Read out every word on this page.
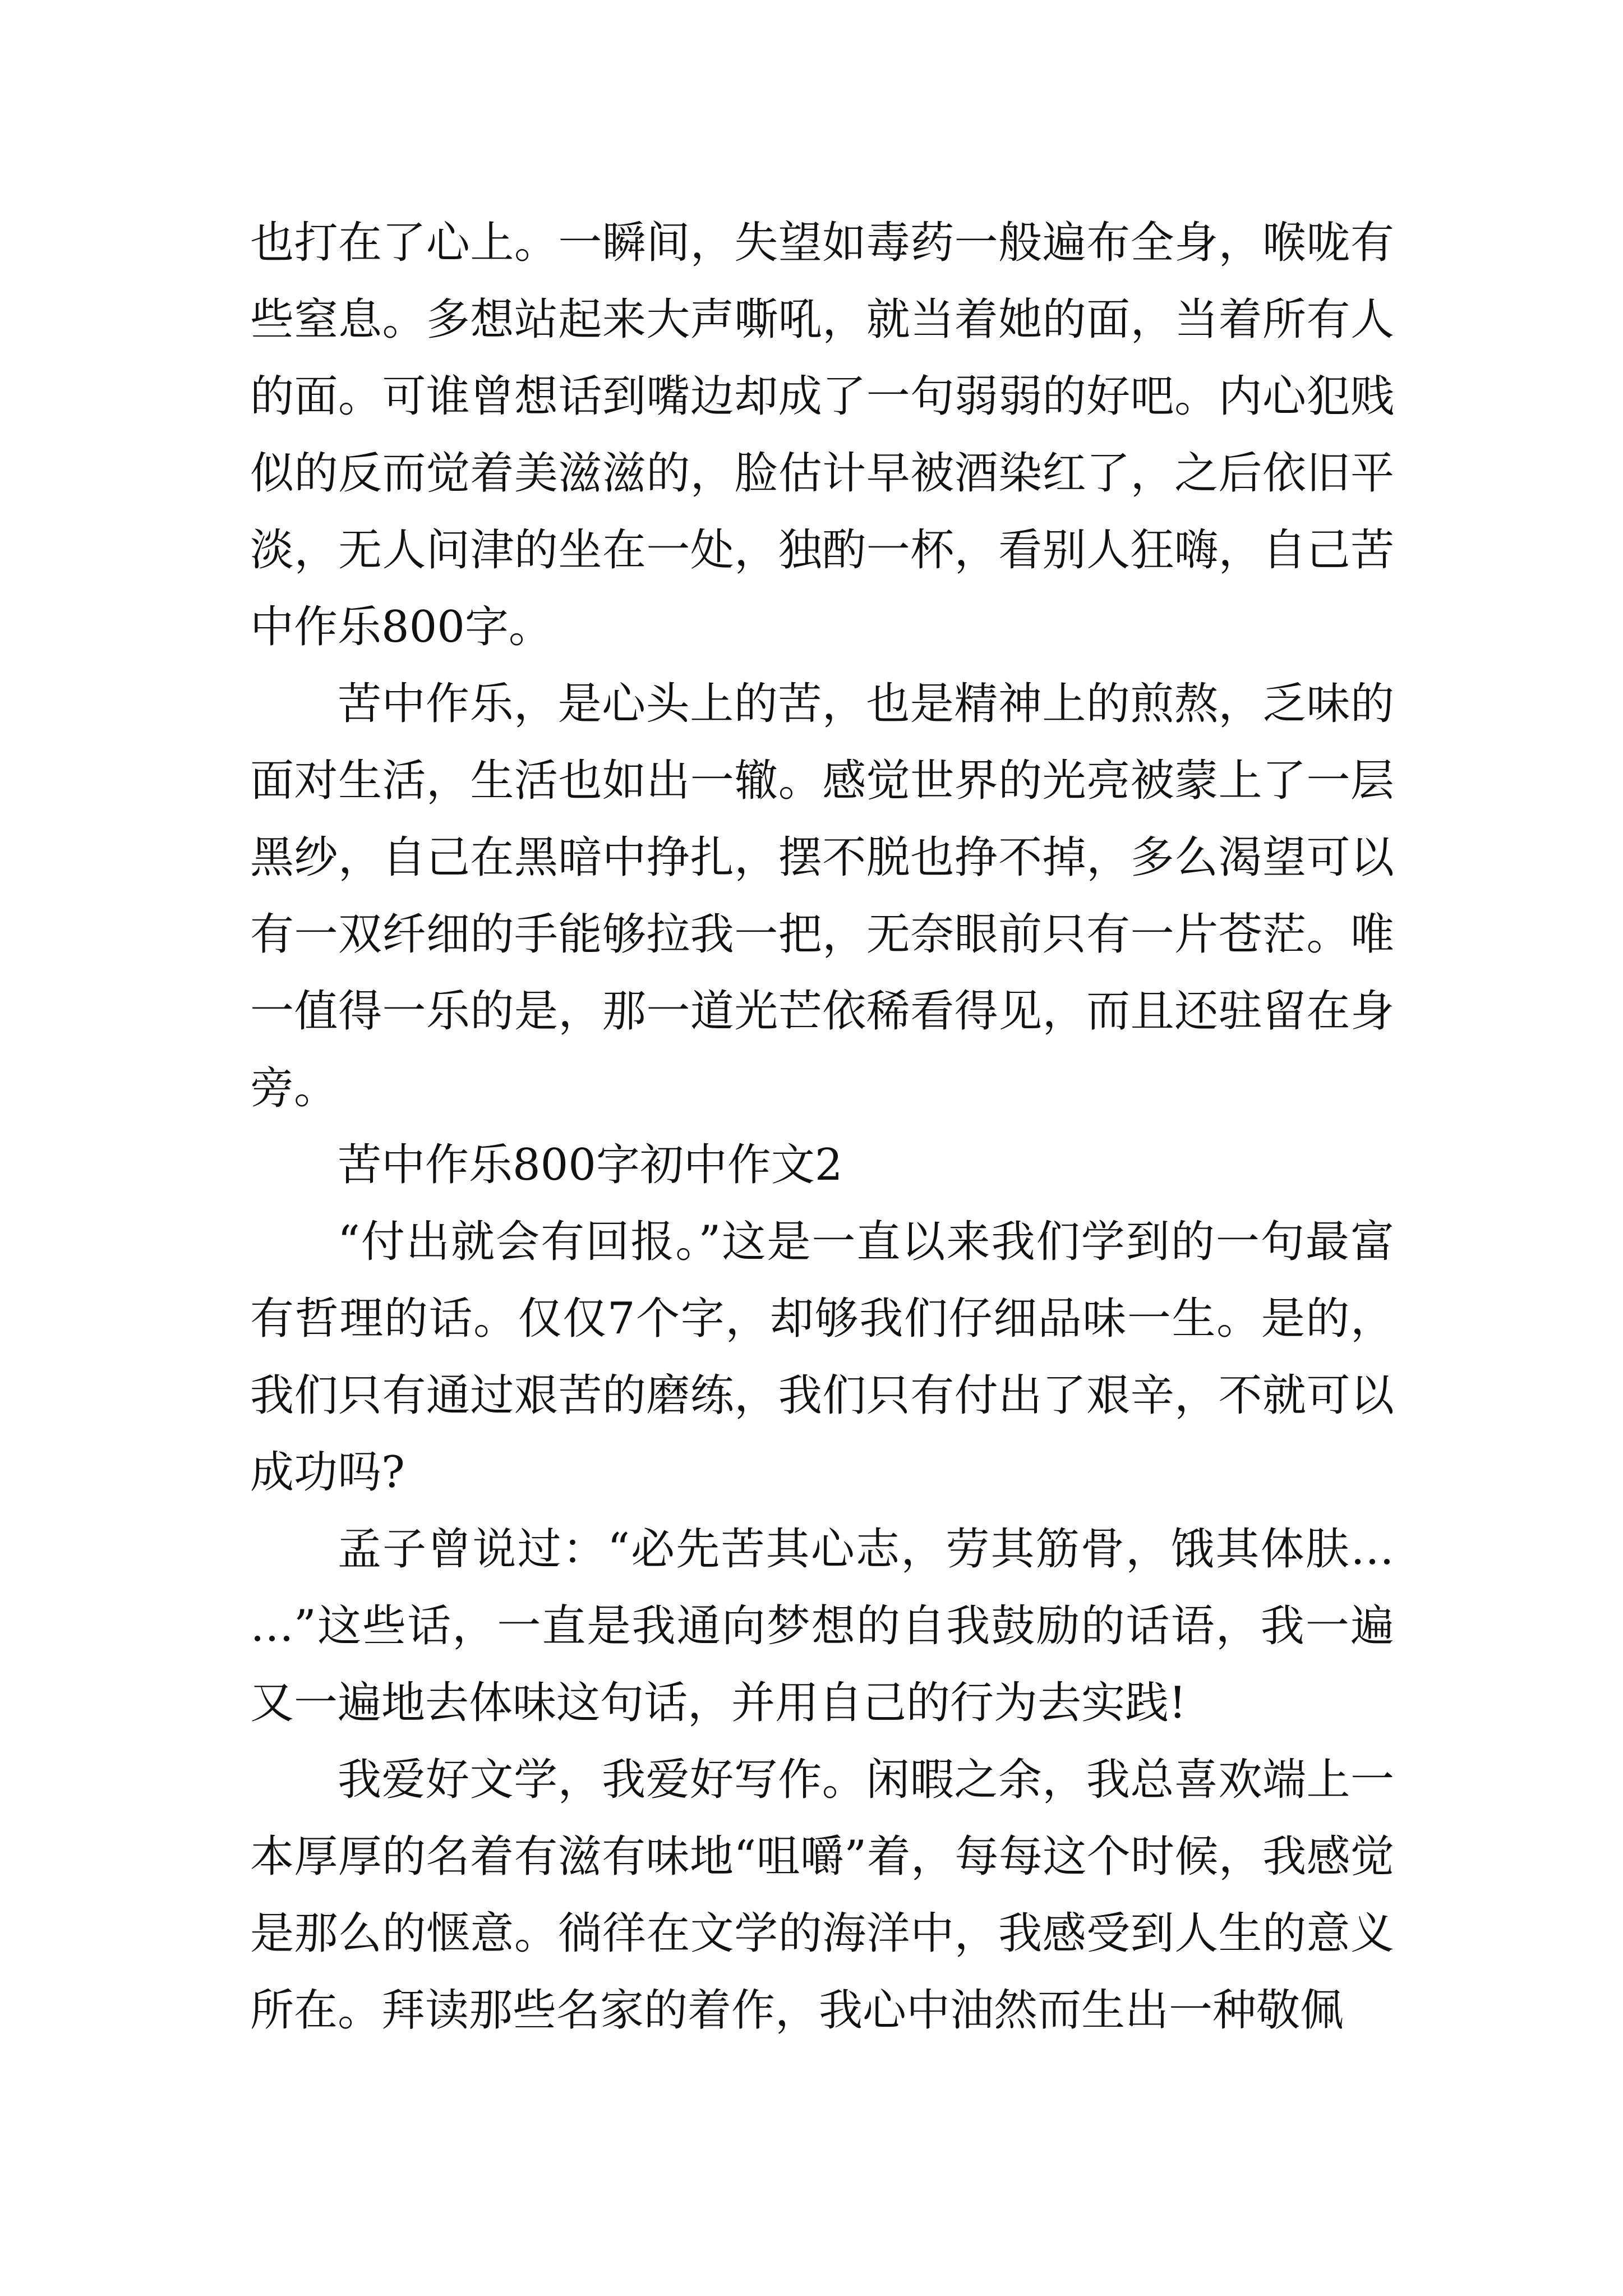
也打在了心上。一瞬间，失望如毒药一般遍布全身，喉咙有些窒息。多想站起来大声嘶吼，就当着她的面，当着所有人的面。可谁曾想话到嘴边却成了一句弱弱的好吧。内心犯贱似的反而觉着美滋滋的，脸估计早被酒染红了，之后依旧平淡，无人问津的坐在一处，独酌一杯，看别人狂嗨，自己苦中作乐800字。

苦中作乐，是心头上的苦，也是精神上的煎熬，乏味的面对生活，生活也如出一辙。感觉世界的光亮被蒙上了一层黑纱，自己在黑暗中挣扎，摆不脱也挣不掉，多么渴望可以有一双纤细的手能够拉我一把，无奈眼前只有一片苍茫。唯一值得一乐的是，那一道光芒依稀看得见，而且还驻留在身旁。

苦中作乐800字初中作文2

“付出就会有回报。”这是一直以来我们学到的一句最富有哲理的话。仅仅7个字，却够我们仔细品味一生。是的，我们只有通过艰苦的磨练，我们只有付出了艰辛，不就可以成功吗?

孟子曾说过：“必先苦其心志，劳其筋骨，饿其体肤……”这些话，一直是我通向梦想的自我鼓励的话语，我一遍又一遍地去体味这句话，并用自己的行为去实践!

我爱好文学，我爱好写作。闲暇之余，我总喜欢端上一本厚厚的名着有滋有味地“咀嚼”着，每每这个时候，我感觉是那么的惬意。徜徉在文学的海洋中，我感受到人生的意义所在。拜读那些名家的着作，我心中油然而生出一种敬佩
